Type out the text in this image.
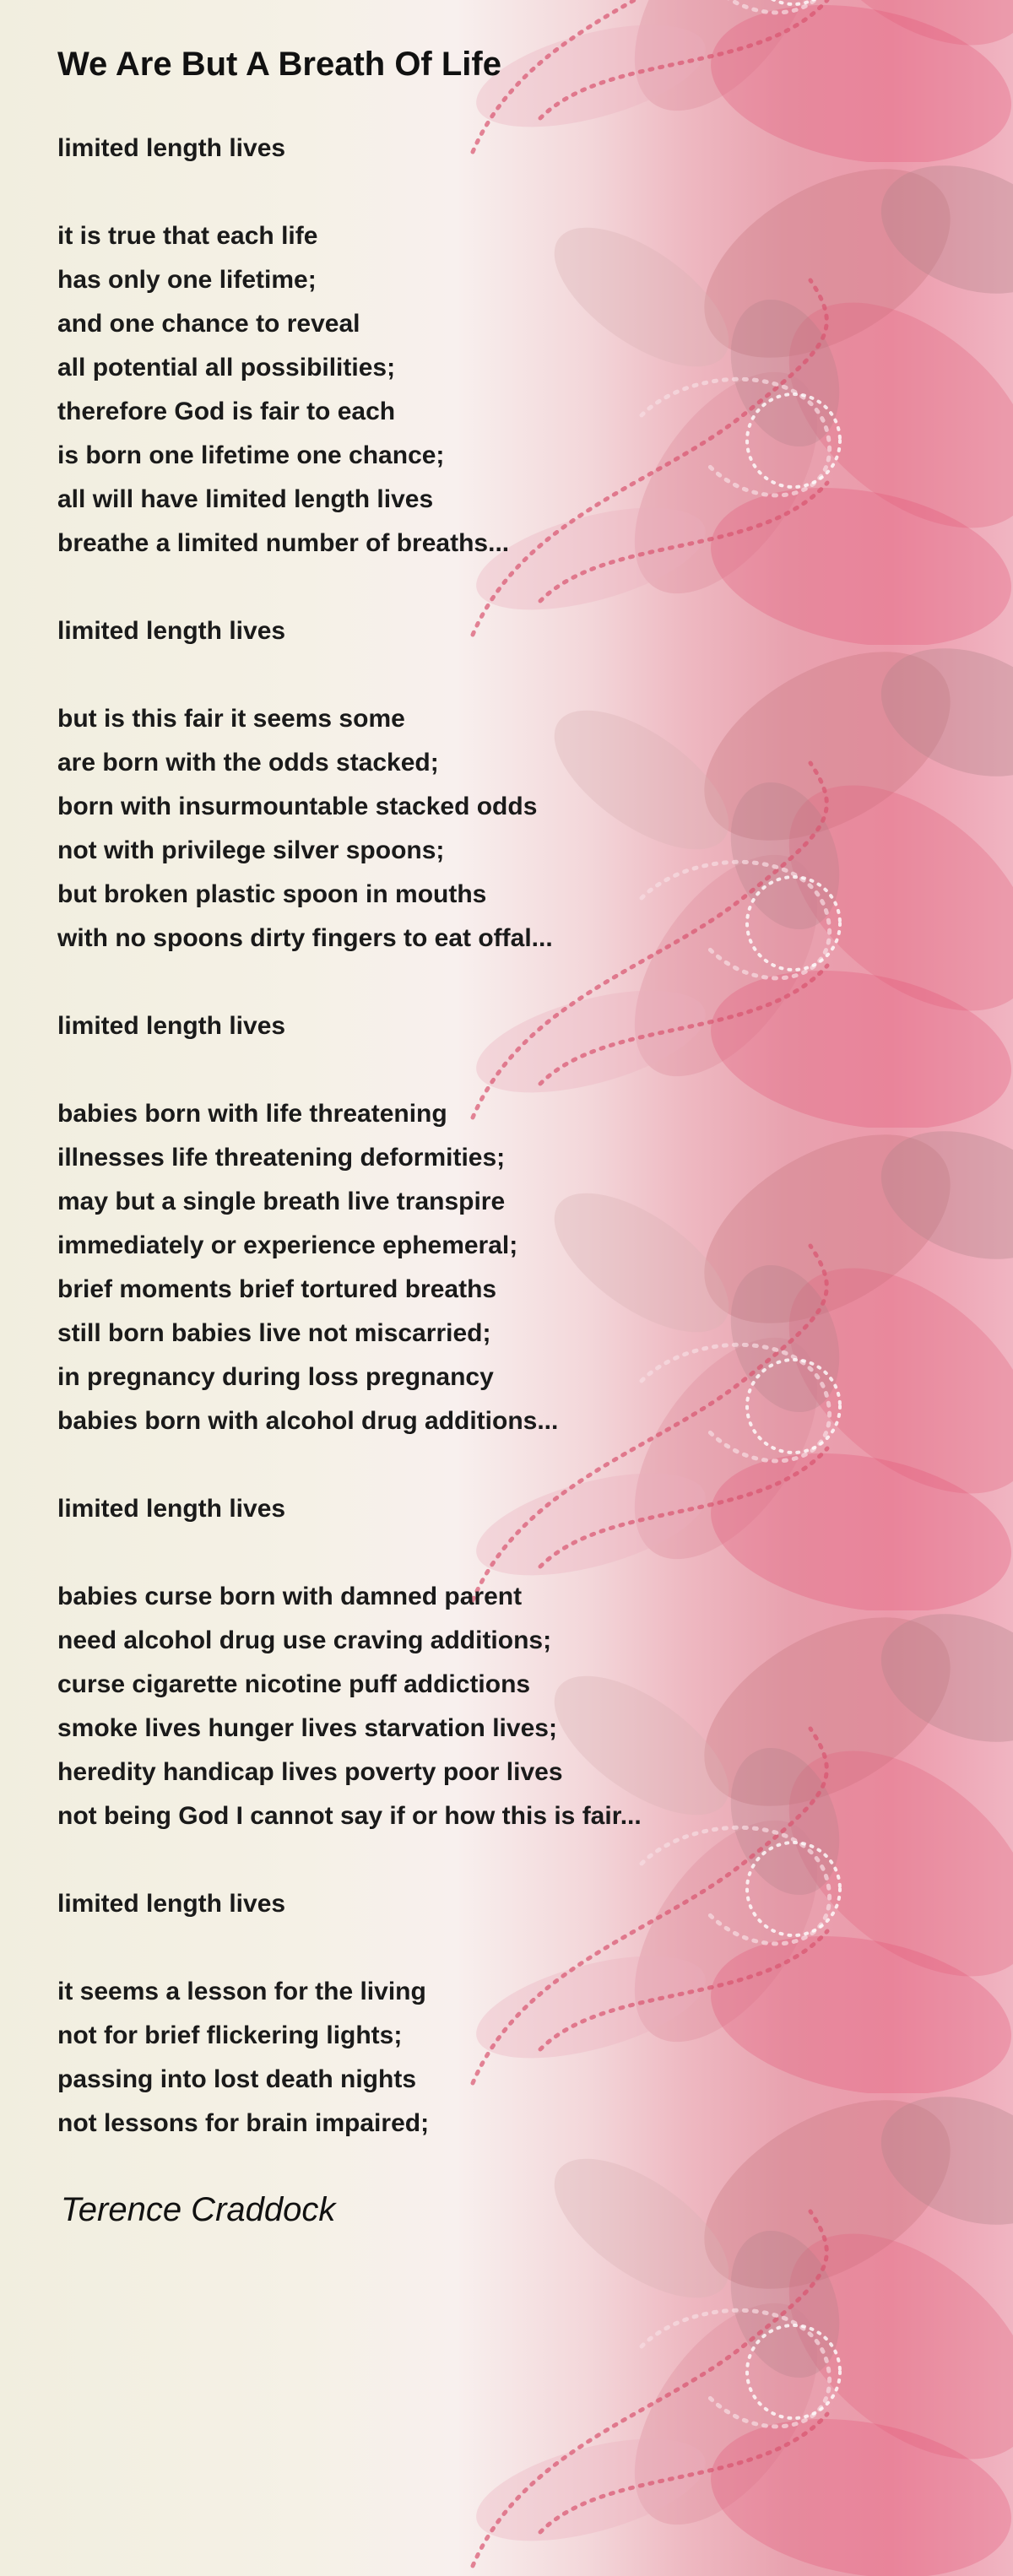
We Are But A Breath Of Life
limited length lives
it is true that each life
has only one lifetime;
and one chance to reveal
all potential all possibilities;
therefore God is fair to each
is born one lifetime one chance;
all will have limited length lives
breathe a limited number of breaths...
limited length lives
but is this fair it seems some
are born with the odds stacked;
born with insurmountable stacked odds
not with privilege silver spoons;
but broken plastic spoon in mouths
with no spoons dirty fingers to eat offal...
limited length lives
babies born with life threatening
illnesses life threatening deformities;
may but a single breath live transpire
immediately or experience ephemeral;
brief moments brief tortured breaths
still born babies live not miscarried;
in pregnancy during loss pregnancy
babies born with alcohol drug additions...
limited length lives
babies curse born with damned parent
need alcohol drug use craving additions;
curse cigarette nicotine puff addictions
smoke lives hunger lives starvation lives;
heredity handicap lives poverty poor lives
not being God I cannot say if or how this is fair...
limited length lives
it seems a lesson for the living
not for brief flickering lights;
passing into lost death nights
not lessons for brain impaired;
Terence Craddock
